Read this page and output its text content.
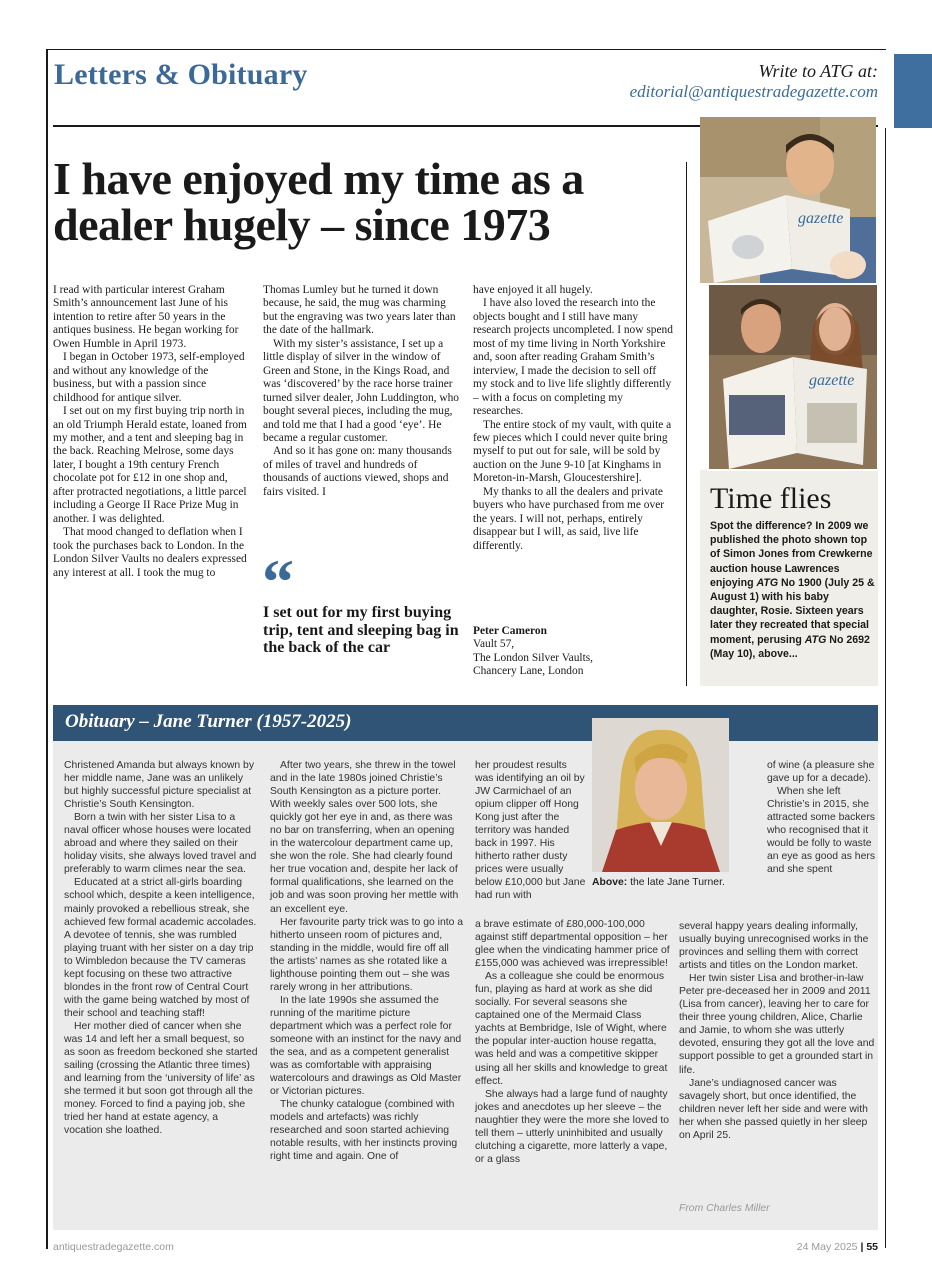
Letters & Obituary	Write to ATG at:
editorial@antiquestradegazette.com
I have enjoyed my time as a dealer hugely – since 1973

I read with particular interest Graham Smith’s announcement last June of his intention to retire after 50 years in the antiques business. He began working for Owen Humble in April 1973.

I began in October 1973, self-employed and without any knowledge of the business, but with a passion since childhood for antique silver.

I set out on my first buying trip north in an old Triumph Herald estate, loaned from my mother, and a tent and sleeping bag in the back. Reaching Melrose, some days later, I bought a 19th century French chocolate pot for £12 in one shop and, after protracted negotiations, a little parcel including a George II Race Prize Mug in another. I was delighted.

That mood changed to deflation when I took the purchases back to London. In the London Silver Vaults no dealers expressed any interest at all. I took the mug to

Thomas Lumley but he turned it down because, he said, the mug was charming but the engraving was two years later than the date of the hallmark.

With my sister’s assistance, I set up a little display of silver in the window of Green and Stone, in the Kings Road, and was ‘discovered’ by the race horse trainer turned silver dealer, John Luddington, who bought several pieces, including the mug, and told me that I had a good ‘eye’. He became a regular customer.

And so it has gone on: many thousands of miles of travel and hundreds of thousands of auctions viewed, shops and fairs visited. I

“
I set out for my first buying trip, tent and sleeping bag in the back of the car

have enjoyed it all hugely.

I have also loved the research into the objects bought and I still have many research projects uncompleted. I now spend most of my time living in North Yorkshire and, soon after reading Graham Smith’s interview, I made the decision to sell off my stock and to live life slightly differently – with a focus on completing my researches.

The entire stock of my vault, with quite a few pieces which I could never quite bring myself to put out for sale, will be sold by auction on the June 9-10 [at Kinghams in Moreton-in-Marsh, Gloucestershire].

My thanks to all the dealers and private buyers who have purchased from me over the years. I will not, perhaps, entirely disappear but I will, as said, live life differently.

Peter Cameron
Vault 57,
The London Silver Vaults,
Chancery Lane, London
gazette
gazette
Time flies
Spot the difference? In 2009 we published the photo shown top of Simon Jones from Crewkerne auction house Lawrences enjoying ATG No 1900 (July 25 & August 1) with his baby daughter, Rosie. Sixteen years later they recreated that special moment, perusing ATG No 2692 (May 10), above...
Obituary – Jane Turner (1957-2025)

Christened Amanda but always known by her middle name, Jane was an unlikely but highly successful picture specialist at Christie’s South Kensington.

Born a twin with her sister Lisa to a naval officer whose houses were located abroad and where they sailed on their holiday visits, she always loved travel and preferably to warm climes near the sea.

Educated at a strict all-girls boarding school which, despite a keen intelligence, mainly provoked a rebellious streak, she achieved few formal academic accolades. A devotee of tennis, she was rumbled playing truant with her sister on a day trip to Wimbledon because the TV cameras kept focusing on these two attractive blondes in the front row of Central Court with the game being watched by most of their school and teaching staff!

Her mother died of cancer when she was 14 and left her a small bequest, so as soon as freedom beckoned she started sailing (crossing the Atlantic three times) and learning from the ‘university of life’ as she termed it but soon got through all the money. Forced to find a paying job, she tried her hand at estate agency, a vocation she loathed.

After two years, she threw in the towel and in the late 1980s joined Christie’s South Kensington as a picture porter. With weekly sales over 500 lots, she quickly got her eye in and, as there was no bar on transferring, when an opening in the watercolour department came up, she won the role. She had clearly found her true vocation and, despite her lack of formal qualifications, she learned on the job and was soon proving her mettle with an excellent eye.

Her favourite party trick was to go into a hitherto unseen room of pictures and, standing in the middle, would fire off all the artists’ names as she rotated like a lighthouse pointing them out – she was rarely wrong in her attributions.

In the late 1990s she assumed the running of the maritime picture department which was a perfect role for someone with an instinct for the navy and the sea, and as a competent generalist was as comfortable with appraising watercolours and drawings as Old Master or Victorian pictures.

The chunky catalogue (combined with models and artefacts) was richly researched and soon started achieving notable results, with her instincts proving right time and again. One of

her proudest results was identifying an oil by JW Carmichael of an opium clipper off Hong Kong just after the territory was handed back in 1997. His hitherto rather dusty prices were usually below £10,000 but Jane had run with

a brave estimate of £80,000-100,000 against stiff departmental opposition – her glee when the vindicating hammer price of £155,000 was achieved was irrepressible!

As a colleague she could be enormous fun, playing as hard at work as she did socially. For several seasons she captained one of the Mermaid Class yachts at Bembridge, Isle of Wight, where the popular inter-auction house regatta, was held and was a competitive skipper using all her skills and knowledge to great effect.

She always had a large fund of naughty jokes and anecdotes up her sleeve – the naughtier they were the more she loved to tell them – utterly uninhibited and usually clutching a cigarette, more latterly a vape, or a glass

Above: the late Jane Turner.

of wine (a pleasure she gave up for a decade).

When she left Christie’s in 2015, she attracted some backers who recognised that it would be folly to waste an eye as good as hers and she spent

several happy years dealing informally, usually buying unrecognised works in the provinces and selling them with correct artists and titles on the London market.

Her twin sister Lisa and brother-in-law Peter pre-deceased her in 2009 and 2011 (Lisa from cancer), leaving her to care for their three young children, Alice, Charlie and Jamie, to whom she was utterly devoted, ensuring they got all the love and support possible to get a grounded start in life.

Jane’s undiagnosed cancer was savagely short, but once identified, the children never left her side and were with her when she passed quietly in her sleep on April 25.

From Charles Miller
antiquestradegazette.com	24 May 2025 | 55
